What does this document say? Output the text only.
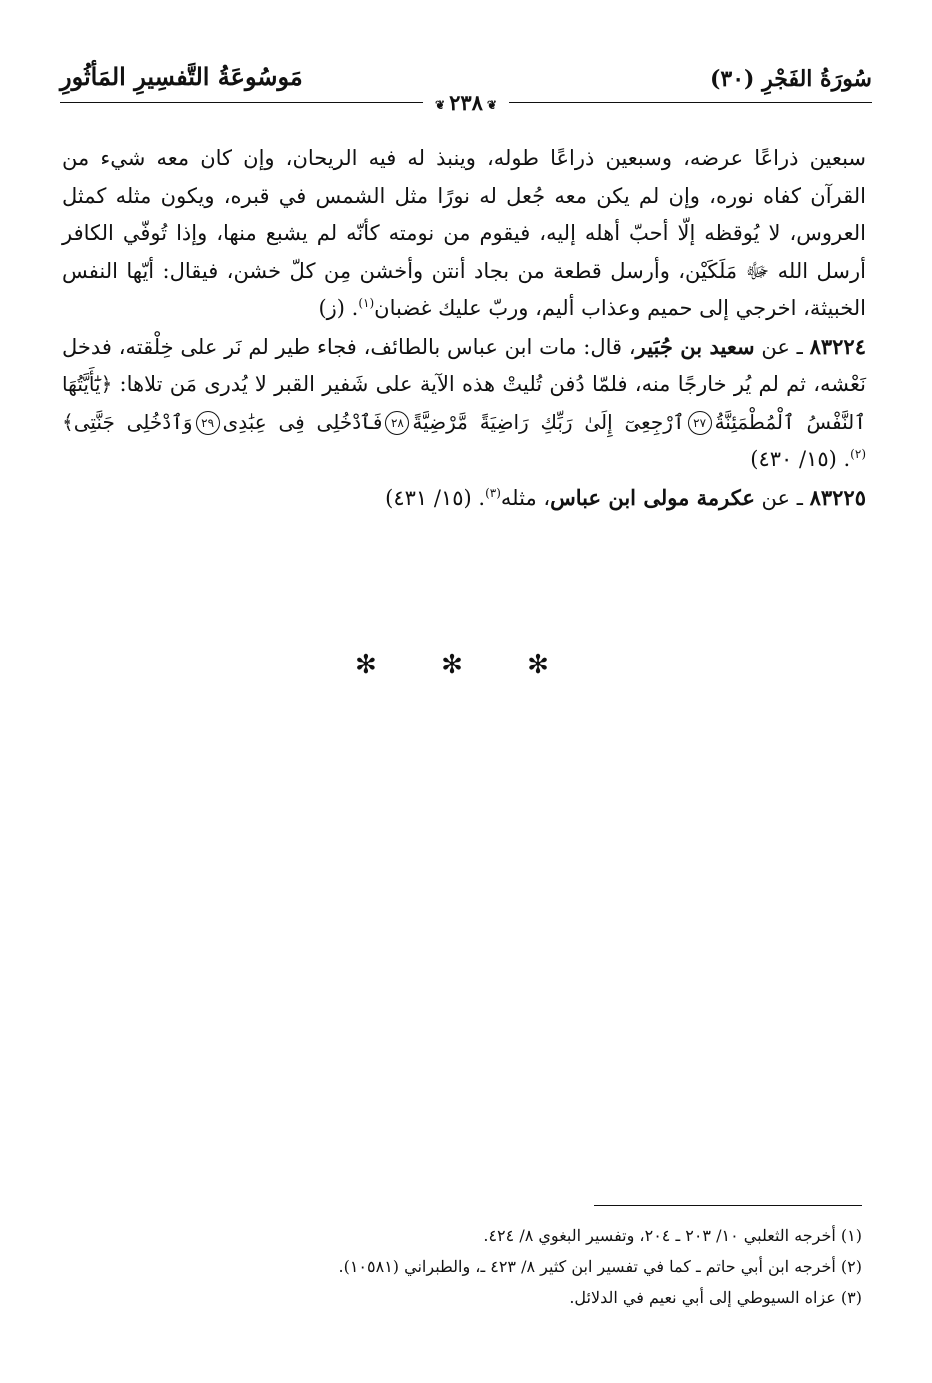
سُورَةُ الفَجْرِ (٣٠)
مَوسُوعَةُ التَّفسِيرِ المَأثُورِ
❦٢٣٨❦

سبعين ذراعًا عرضه، وسبعين ذراعًا طوله، وينبذ له فيه الريحان، وإن كان معه شيء من القرآن كفاه نوره، وإن لم يكن معه جُعل له نورًا مثل الشمس في قبره، ويكون مثله كمثل العروس، لا يُوقظه إلّا أحبّ أهله إليه، فيقوم من نومته كأنّه لم يشبع منها، وإذا تُوفّي الكافر أرسل الله ﷻ مَلَكَيْن، وأرسل قطعة من بجاد أنتن وأخشن مِن كلّ خشن، فيقال: أيّها النفس الخبيثة، اخرجي إلى حميم وعذاب أليم، وربّ عليك غضبان$^{(١)}$. (ز)

٨٣٢٢٤ ـ عن سعيد بن جُبَير، قال: مات ابن عباس بالطائف، فجاء طير لم نَر على خِلْقته، فدخل نَعْشه، ثم لم يُر خارجًا منه، فلمّا دُفن تُليتْ هذه الآية على شَفير القبر لا يُدرى مَن تلاها: ﴿يَٰٓأَيَّتُهَا ٱلنَّفْسُ ٱلْمُطْمَئِنَّةُ٢٧ٱرْجِعِىٓ إِلَىٰ رَبِّكِ رَاضِيَةً مَّرْضِيَّةً٢٨فَٱدْخُلِى فِى عِبَٰدِى٢٩وَٱدْخُلِى جَنَّتِى﴾$^{(٢)}$. (١٥/ ٤٣٠)

٨٣٢٢٥ ـ عن عكرمة مولى ابن عباس، مثله$^{(٣)}$. (١٥/ ٤٣١)

✻ ✻ ✻
(١) أخرجه الثعلبي ١٠/ ٢٠٣ ـ ٢٠٤، وتفسير البغوي ٨/ ٤٢٤.
(٢) أخرجه ابن أبي حاتم ـ كما في تفسير ابن كثير ٨/ ٤٢٣ ـ، والطبراني (١٠٥٨١).
(٣) عزاه السيوطي إلى أبي نعيم في الدلائل.
